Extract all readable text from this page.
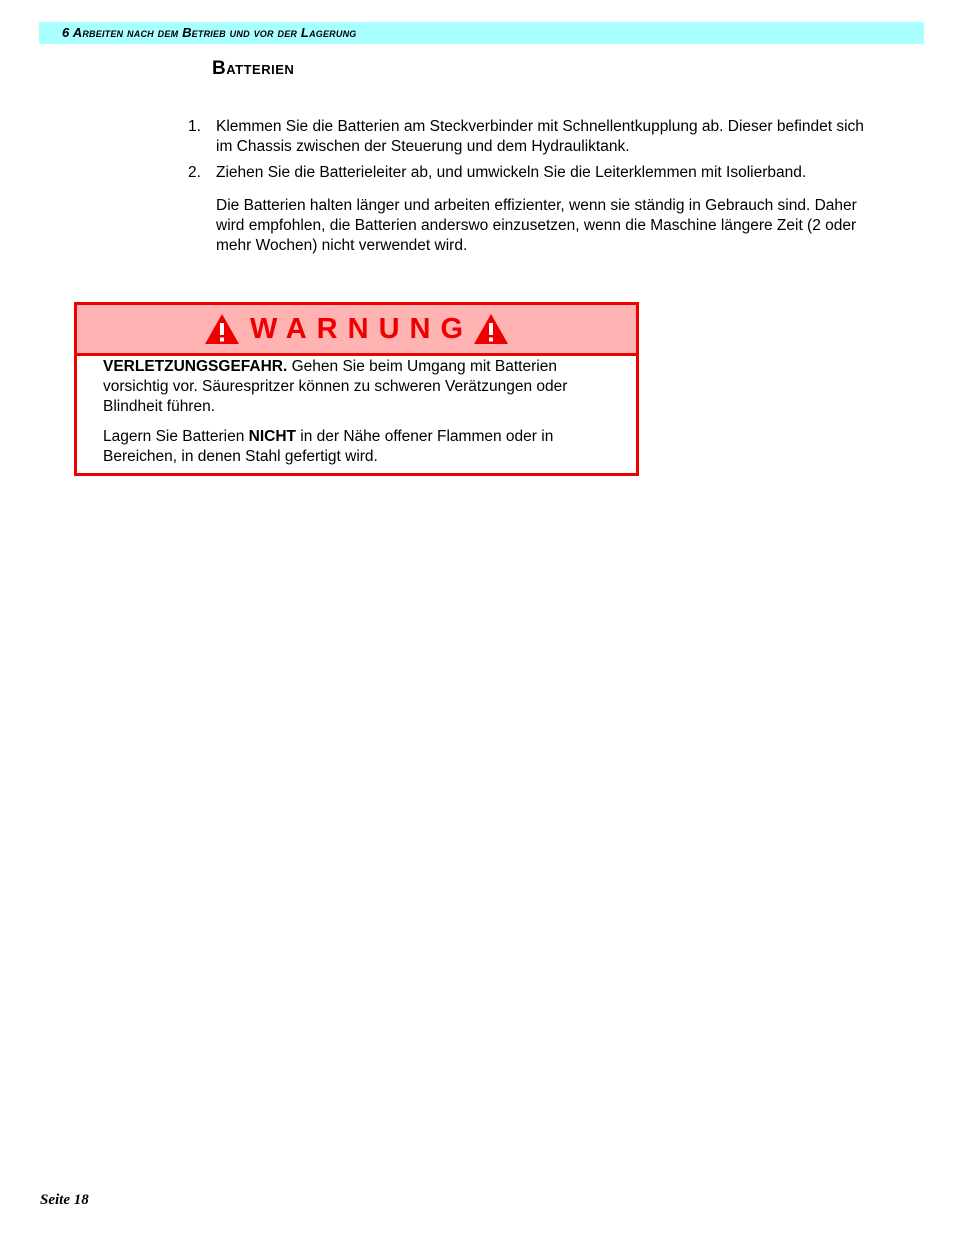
6 Arbeiten nach dem Betrieb und vor der Lagerung
Batterien
1. Klemmen Sie die Batterien am Steckverbinder mit Schnellentkupplung ab. Dieser befindet sich im Chassis zwischen der Steuerung und dem Hydrauliktank.
2. Ziehen Sie die Batterieleiter ab, und umwickeln Sie die Leiterklemmen mit Isolierband.
Die Batterien halten länger und arbeiten effizienter, wenn sie ständig in Gebrauch sind. Daher wird empfohlen, die Batterien anderswo einzusetzen, wenn die Maschine längere Zeit (2 oder mehr Wochen) nicht verwendet wird.
WARNUNG

VERLETZUNGSGEFAHR. Gehen Sie beim Umgang mit Batterien vorsichtig vor. Säurespritzer können zu schweren Verätzungen oder Blindheit führen.

Lagern Sie Batterien NICHT in der Nähe offener Flammen oder in Bereichen, in denen Stahl gefertigt wird.

Seite 18
